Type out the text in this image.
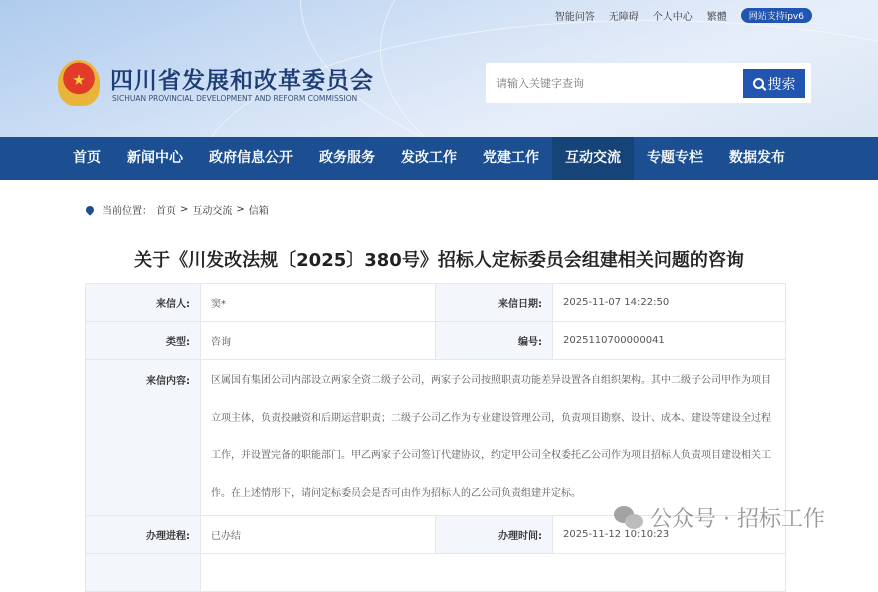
智能问答 无障碍 个人中心 繁體	网站支持ipv6
四川省发展和改革委员会
SICHUAN PROVINCIAL DEVELOPMENT AND REFORM COMMISSION
请输入关键字查询
搜索
首页	新闻中心	政府信息公开	政务服务	发改工作	党建工作	互动交流	专题专栏	数据发布
当前位置： 首页 > 互动交流 > 信箱
关于《川发改法规〔2025〕380号》招标人定标委员会组建相关问题的咨询
来信人:	窦*	来信日期:	2025-11-07 14:22:50
类型:	咨询	编号:	2025110700000041
来信内容:	区属国有集团公司内部设立两家全资二级子公司，两家子公司按照职责功能差异设置各自组织架构。其中二级子公司甲作为项目立项主体，负责投融资和后期运营职责；二级子公司乙作为专业建设管理公司，负责项目勘察、设计、成本、建设等建设全过程工作，并设置完备的职能部门。甲乙两家子公司签订代建协议，约定甲公司全权委托乙公司作为项目招标人负责项目建设相关工作。在上述情形下，请问定标委员会是否可由作为招标人的乙公司负责组建并定标。		
办理进程:	已办结	办理时间:	2025-11-12 10:10:23

公众号 · 招标工作
